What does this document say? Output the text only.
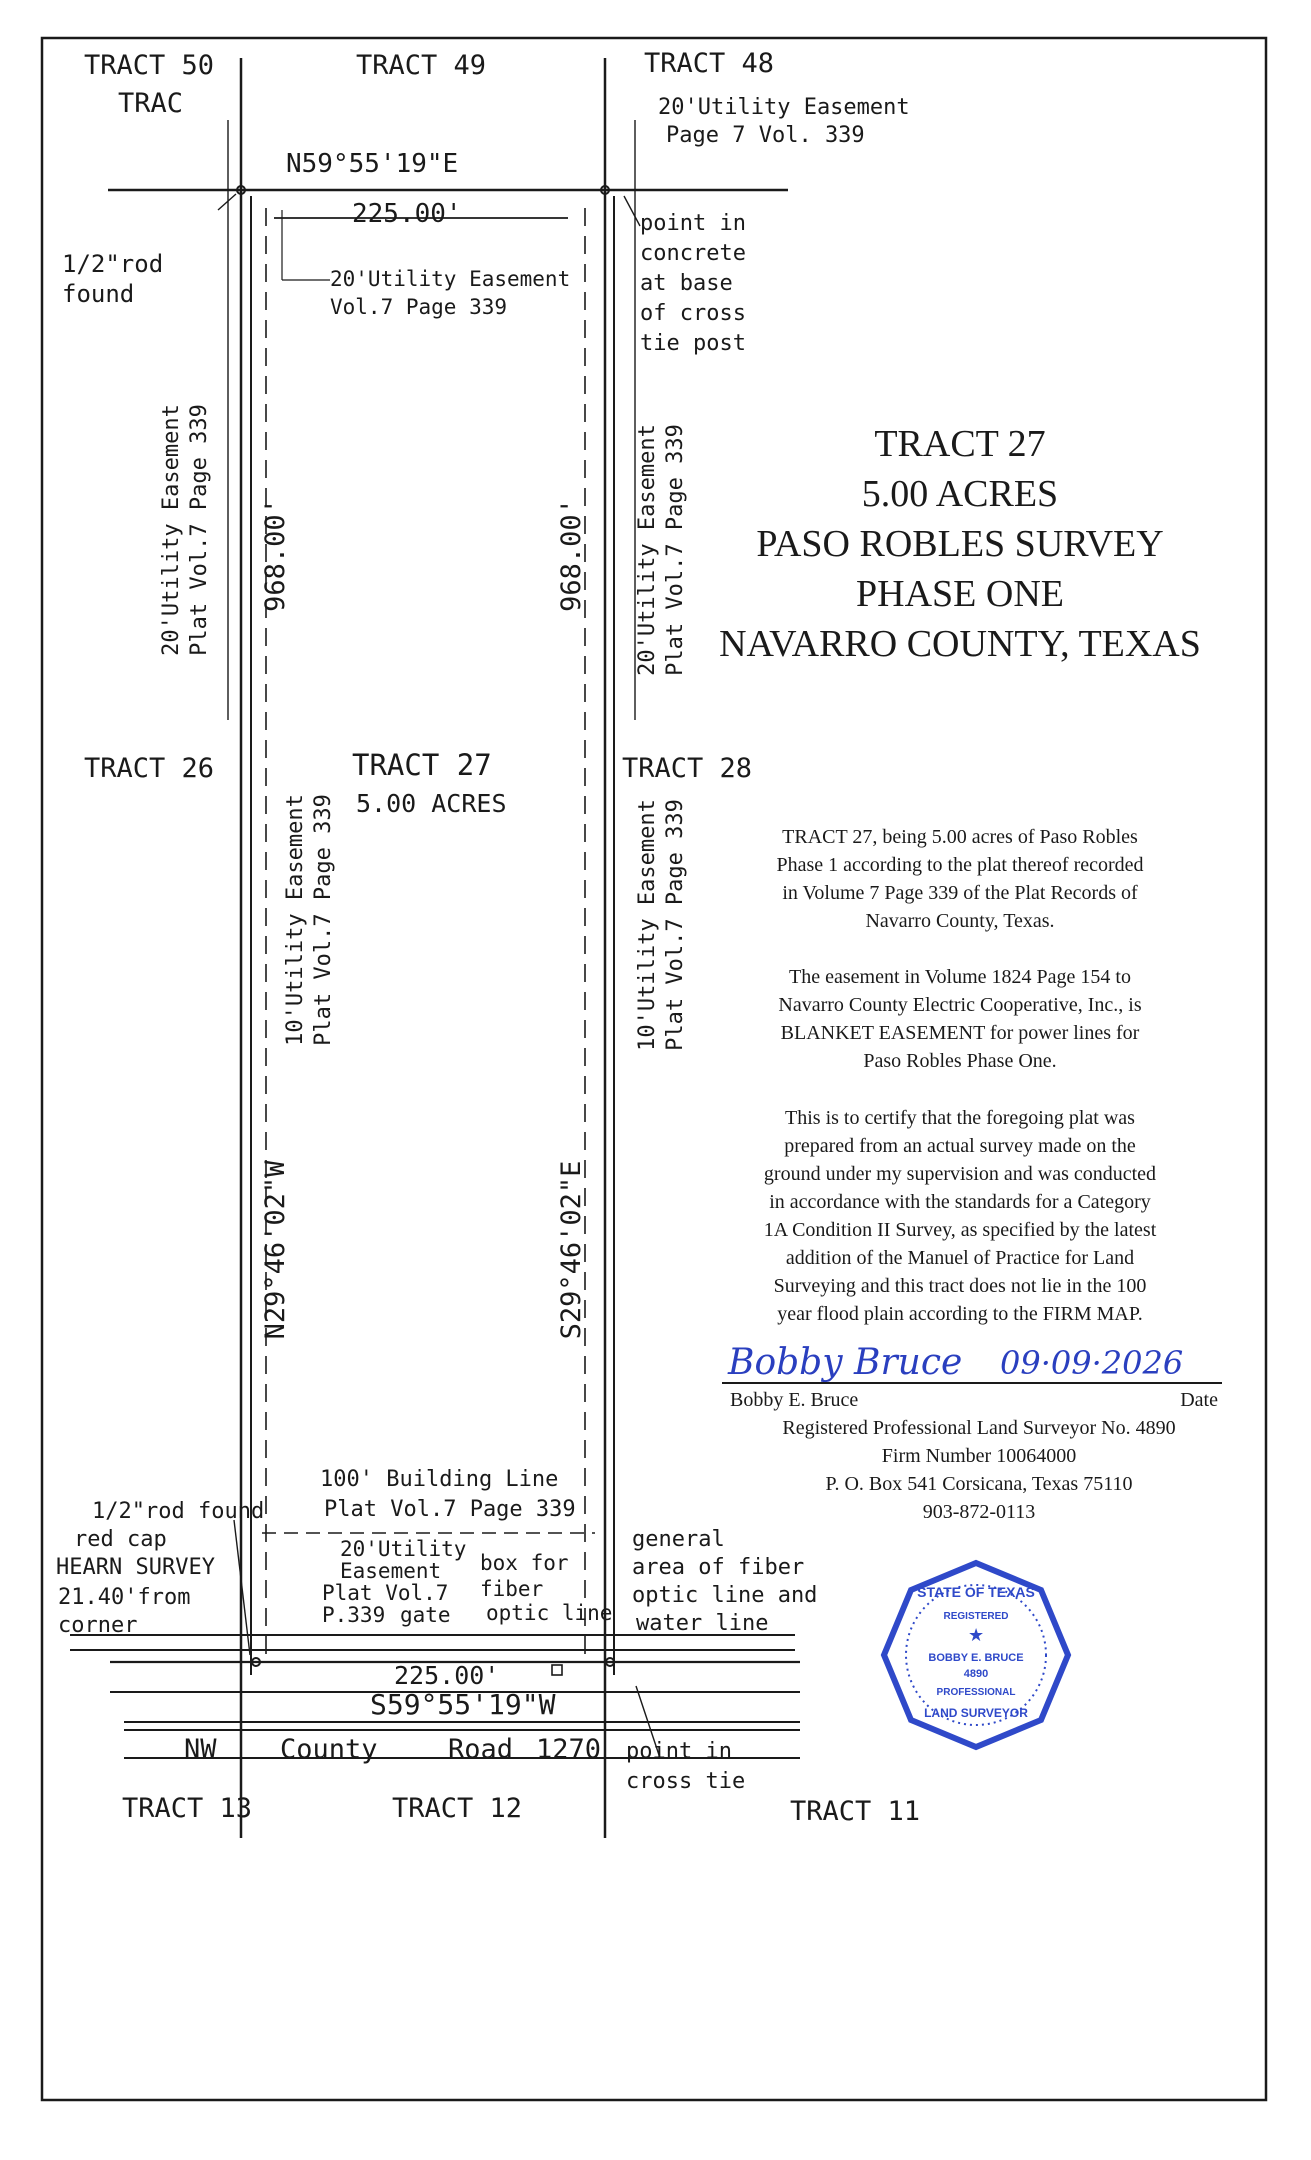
TRACT 50
TRAC
TRACT 49	TRACT 48
TRACT 26	TRACT 28
TRACT 13	TRACT 12	TRACT 11
TRACT 27
5.00 ACRES
N59°55'19"E
225.00'
968.00'
N29°46'02"W
968.00'
S29°46'02"E
225.00'
S59°55'19"W
20'Utility Easement
Page 7 Vol. 339
20'Utility Easement
Vol.7 Page 339
1/2"rod
found
point in
concrete
at base
of cross
tie post
20'Utility Easement Plat Vol.7 Page 339	20'Utility Easement Plat Vol.7 Page 339
10'Utility Easement Plat Vol.7 Page 339	10'Utility Easement Plat Vol.7 Page 339
100' Building Line
Plat Vol.7 Page 339
1/2"rod found
red cap
HEARN SURVEY
21.40'from
corner
20'Utility
Easement
Plat Vol.7
P.339 gate
box for
fiber
optic line
general
area of fiber
optic line and
water line
NW County	Road 1270 point in
cross tie
TRACT 27
5.00 ACRES
PASO ROBLES SURVEY
PHASE ONE
NAVARRO COUNTY, TEXAS
TRACT 27, being 5.00 acres of Paso Robles
Phase 1 according to the plat thereof recorded
in Volume 7 Page 339 of the Plat Records of
Navarro County, Texas.
The easement in Volume 1824 Page 154 to
Navarro County Electric Cooperative, Inc., is
BLANKET EASEMENT for power lines for
Paso Robles Phase One.
This is to certify that the foregoing plat was
prepared from an actual survey made on the
ground under my supervision and was conducted
in accordance with the standards for a Category
1A Condition II Survey, as specified by the latest
addition of the Manuel of Practice for Land
Surveying and this tract does not lie in the 100
year flood plain according to the FIRM MAP.
Bobby Bruce 09·09·2026
Bobby E. Bruce	Date
Registered Professional Land Surveyor No. 4890
Firm Number 10064000
P. O. Box 541 Corsicana, Texas 75110
903-872-0113
STATE OF TEXAS
REGISTERED
★
BOBBY E. BRUCE
4890
PROFESSIONAL
LAND SURVEYOR
